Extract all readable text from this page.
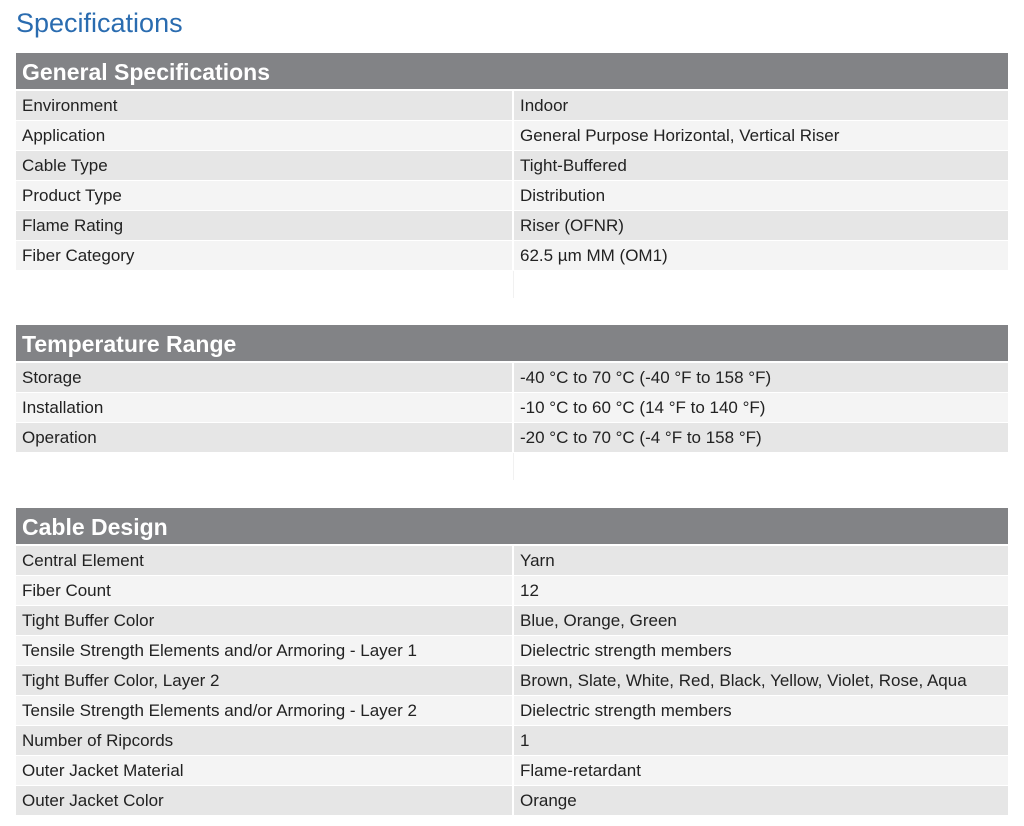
Specifications
General Specifications
Environment	Indoor
Application	General Purpose Horizontal, Vertical Riser
Cable Type	Tight-Buffered
Product Type	Distribution
Flame Rating	Riser (OFNR)
Fiber Category	62.5 µm MM (OM1)

Temperature Range
Storage	-40 °C to 70 °C (-40 °F to 158 °F)
Installation	-10 °C to 60 °C (14 °F to 140 °F)
Operation	-20 °C to 70 °C (-4 °F to 158 °F)

Cable Design
Central Element	Yarn
Fiber Count	12
Tight Buffer Color	Blue, Orange, Green
Tensile Strength Elements and/or Armoring - Layer 1	Dielectric strength members
Tight Buffer Color, Layer 2	Brown, Slate, White, Red, Black, Yellow, Violet, Rose, Aqua
Tensile Strength Elements and/or Armoring - Layer 2	Dielectric strength members
Number of Ripcords	1
Outer Jacket Material	Flame-retardant
Outer Jacket Color	Orange
